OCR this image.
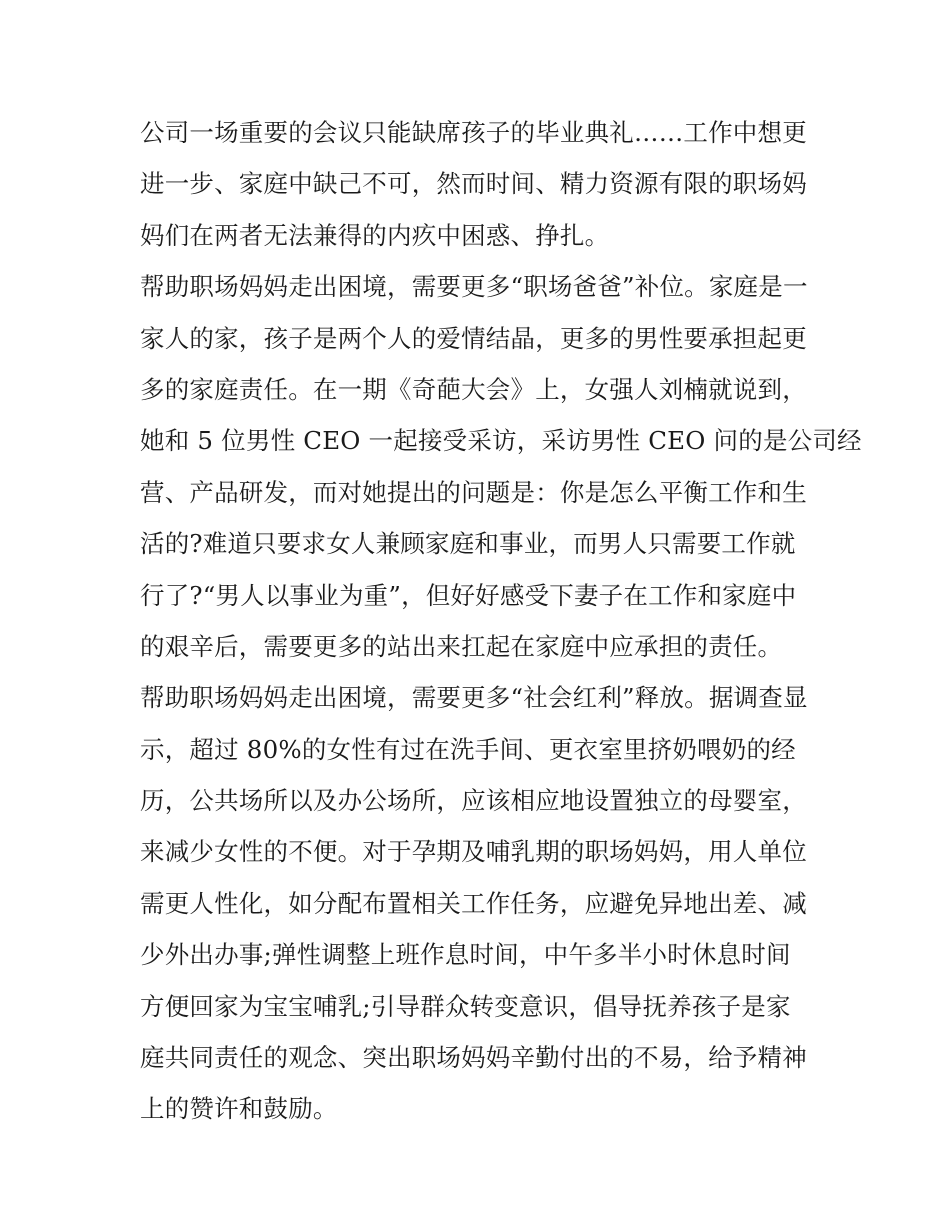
公司一场重要的会议只能缺席孩子的毕业典礼……工作中想更
进一步、家庭中缺己不可，然而时间、精力资源有限的职场妈
妈们在两者无法兼得的内疚中困惑、挣扎。
帮助职场妈妈走出困境，需要更多“职场爸爸”补位。家庭是一
家人的家，孩子是两个人的爱情结晶，更多的男性要承担起更
多的家庭责任。在一期《奇葩大会》上，女强人刘楠就说到，
她和 5 位男性 CEO 一起接受采访，采访男性 CEO 问的是公司经
营、产品研发，而对她提出的问题是：你是怎么平衡工作和生
活的?难道只要求女人兼顾家庭和事业，而男人只需要工作就
行了?“男人以事业为重”，但好好感受下妻子在工作和家庭中
的艰辛后，需要更多的站出来扛起在家庭中应承担的责任。
帮助职场妈妈走出困境，需要更多“社会红利”释放。据调查显
示，超过 80%的女性有过在洗手间、更衣室里挤奶喂奶的经
历，公共场所以及办公场所，应该相应地设置独立的母婴室，
来减少女性的不便。对于孕期及哺乳期的职场妈妈，用人单位
需更人性化，如分配布置相关工作任务，应避免异地出差、减
少外出办事;弹性调整上班作息时间，中午多半小时休息时间
方便回家为宝宝哺乳;引导群众转变意识，倡导抚养孩子是家
庭共同责任的观念、突出职场妈妈辛勤付出的不易，给予精神
上的赞许和鼓励。
